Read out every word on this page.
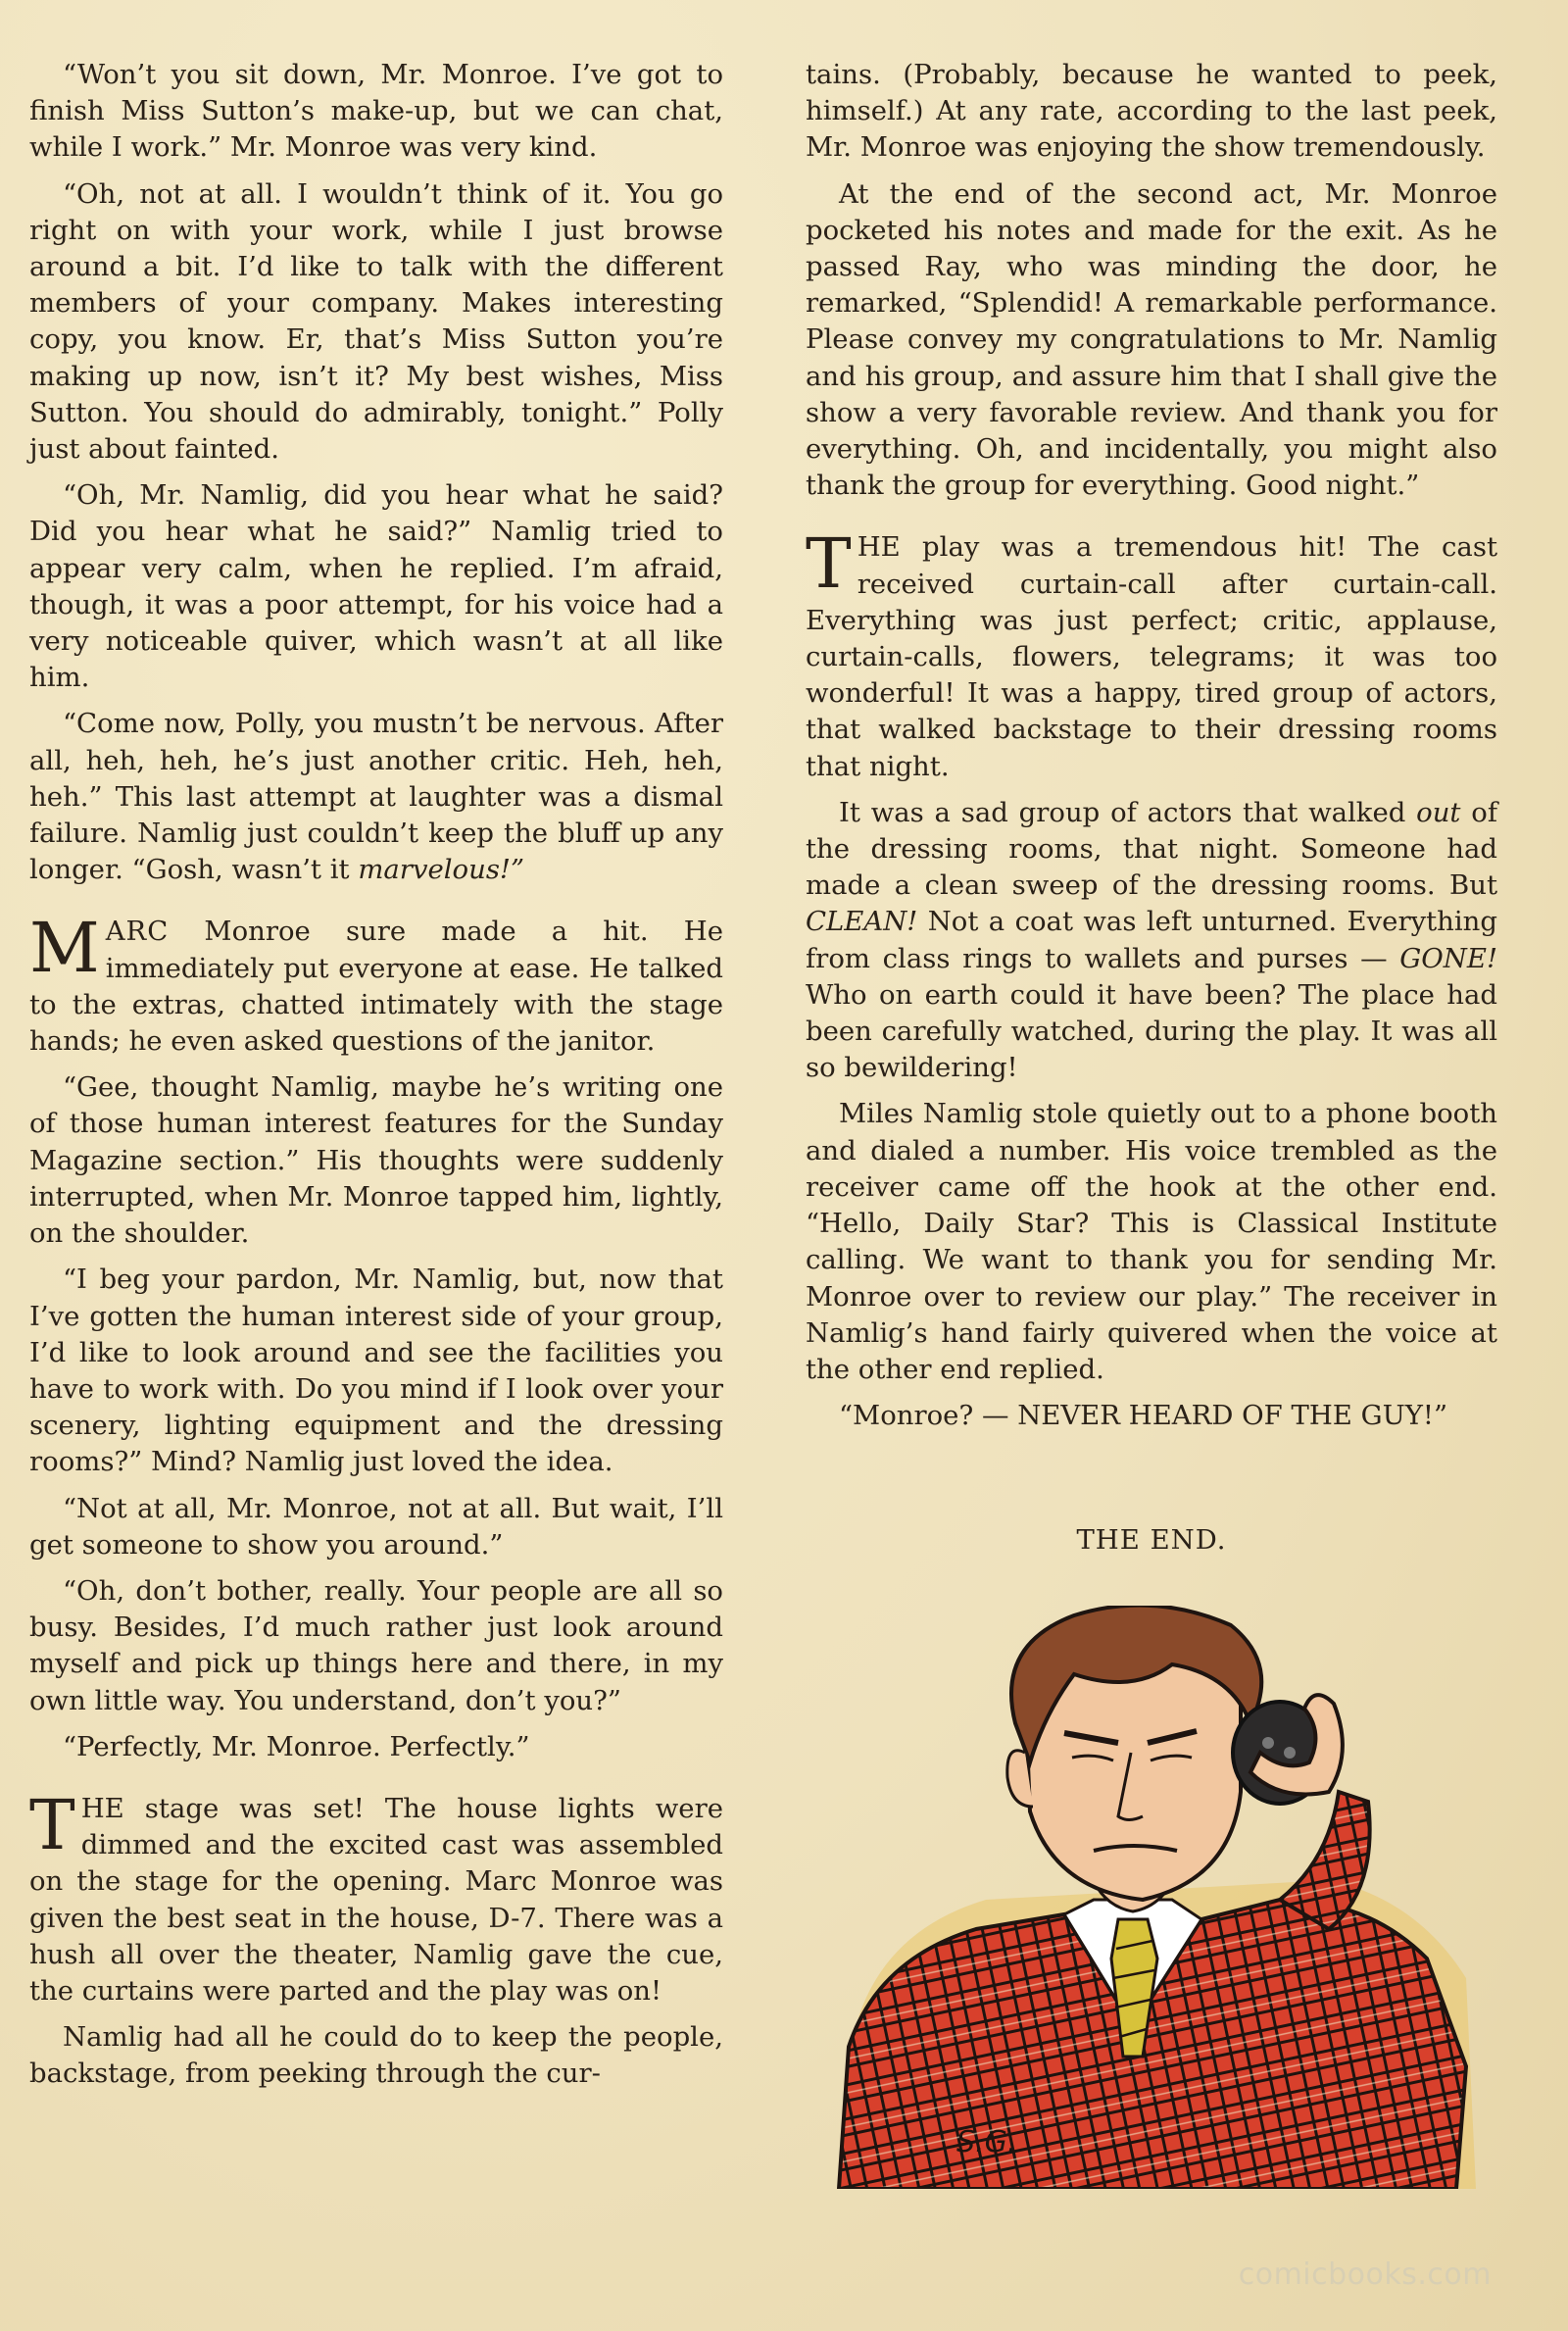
“Won’t you sit down, Mr. Monroe. I’ve got to finish Miss Sutton’s make-up, but we can chat, while I work.” Mr. Monroe was very kind.

“Oh, not at all. I wouldn’t think of it. You go right on with your work, while I just browse around a bit. I’d like to talk with the different members of your company. Makes interesting copy, you know. Er, that’s Miss Sutton you’re making up now, isn’t it? My best wishes, Miss Sutton. You should do admirably, tonight.” Polly just about fainted.

“Oh, Mr. Namlig, did you hear what he said? Did you hear what he said?” Namlig tried to appear very calm, when he replied. I’m afraid, though, it was a poor attempt, for his voice had a very noticeable quiver, which wasn’t at all like him.

“Come now, Polly, you mustn’t be nervous. After all, heh, heh, he’s just another critic. Heh, heh, heh.” This last attempt at laughter was a dismal failure. Namlig just couldn’t keep the bluff up any longer. “Gosh, wasn’t it marvelous!”

MARC Monroe sure made a hit. He immediately put everyone at ease. He talked to the extras, chatted intimately with the stage hands; he even asked questions of the janitor.

“Gee, thought Namlig, maybe he’s writing one of those human interest features for the Sunday Magazine section.” His thoughts were suddenly interrupted, when Mr. Monroe tapped him, lightly, on the shoulder.

“I beg your pardon, Mr. Namlig, but, now that I’ve gotten the human interest side of your group, I’d like to look around and see the facilities you have to work with. Do you mind if I look over your scenery, lighting equipment and the dressing rooms?” Mind? Namlig just loved the idea.

“Not at all, Mr. Monroe, not at all. But wait, I’ll get someone to show you around.”

“Oh, don’t bother, really. Your people are all so busy. Besides, I’d much rather just look around myself and pick up things here and there, in my own little way. You understand, don’t you?”

“Perfectly, Mr. Monroe. Perfectly.”

THE stage was set! The house lights were dimmed and the excited cast was assembled on the stage for the opening. Marc Monroe was given the best seat in the house, D-7. There was a hush all over the theater, Namlig gave the cue, the curtains were parted and the play was on!

Namlig had all he could do to keep the people, backstage, from peeking through the cur-

tains. (Probably, because he wanted to peek, himself.) At any rate, according to the last peek, Mr. Monroe was enjoying the show tremendously.

At the end of the second act, Mr. Monroe pocketed his notes and made for the exit. As he passed Ray, who was minding the door, he remarked, “Splendid! A remarkable performance. Please convey my congratulations to Mr. Namlig and his group, and assure him that I shall give the show a very favorable review. And thank you for everything. Oh, and incidentally, you might also thank the group for everything. Good night.”

THE play was a tremendous hit! The cast received curtain-call after curtain-call. Everything was just perfect; critic, applause, curtain-calls, flowers, telegrams; it was too wonderful! It was a happy, tired group of actors, that walked backstage to their dressing rooms that night.

It was a sad group of actors that walked out of the dressing rooms, that night. Someone had made a clean sweep of the dressing rooms. But CLEAN! Not a coat was left unturned. Everything from class rings to wallets and purses — GONE! Who on earth could it have been? The place had been carefully watched, during the play. It was all so bewildering!

Miles Namlig stole quietly out to a phone booth and dialed a number. His voice trembled as the receiver came off the hook at the other end. “Hello, Daily Star? This is Classical Institute calling. We want to thank you for sending Mr. Monroe over to review our play.” The receiver in Namlig’s hand fairly quivered when the voice at the other end replied.

“Monroe? — NEVER HEARD OF THE GUY!”

THE END.
S.G.
comicbooks.com
